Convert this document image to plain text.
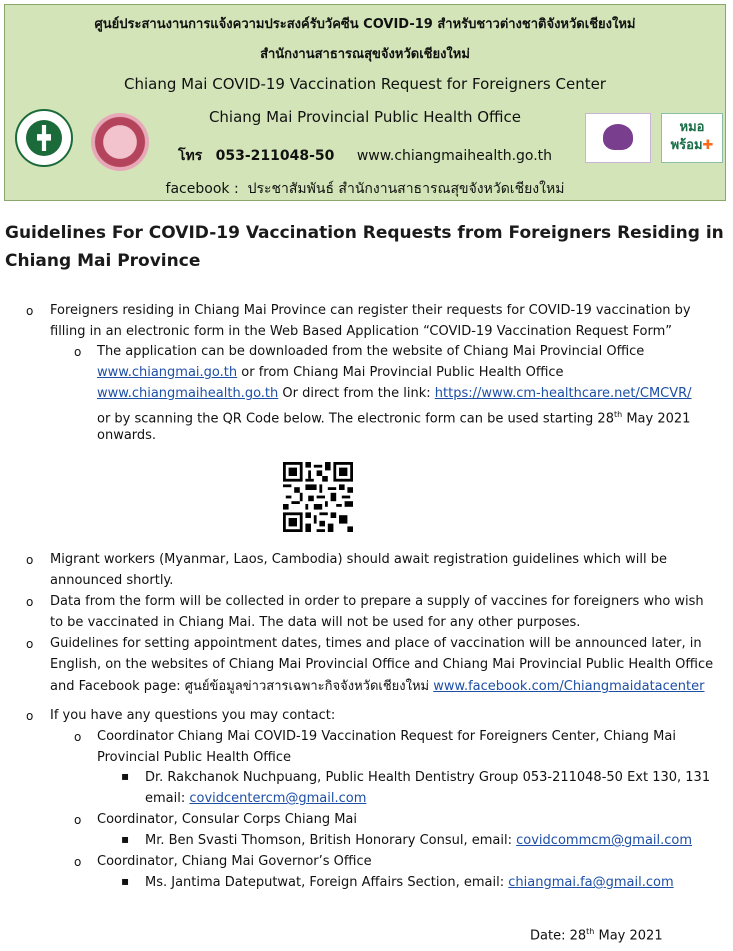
ศูนย์ประสานงานการแจ้งความประสงค์รับวัคซีน COVID-19 สำหรับชาวต่างชาติจังหวัดเชียงใหม่
สำนักงานสาธารณสุขจังหวัดเชียงใหม่
Chiang Mai COVID-19 Vaccination Request for Foreigners Center
Chiang Mai Provincial Public Health Office
โทร 053-211048-50 www.chiangmaihealth.go.th
facebook : ประชาสัมพันธ์ สำนักงานสาธารณสุขจังหวัดเชียงใหม่
หมอ
พร้อม✚
Guidelines For COVID-19 Vaccination Requests from Foreigners Residing in Chiang Mai Province
o Foreigners residing in Chiang Mai Province can register their requests for COVID-19 vaccination by
filling in an electronic form in the Web Based Application “COVID-19 Vaccination Request Form”
o The application can be downloaded from the website of Chiang Mai Provincial Office
www.chiangmai.go.th or from Chiang Mai Provincial Public Health Office
www.chiangmaihealth.go.th Or direct from the link: https://www.cm-healthcare.net/CMCVR/
or by scanning the QR Code below. The electronic form can be used starting 28th May 2021
onwards.
o Migrant workers (Myanmar, Laos, Cambodia) should await registration guidelines which will be
announced shortly.
o Data from the form will be collected in order to prepare a supply of vaccines for foreigners who wish
to be vaccinated in Chiang Mai. The data will not be used for any other purposes.
o Guidelines for setting appointment dates, times and place of vaccination will be announced later, in
English, on the websites of Chiang Mai Provincial Office and Chiang Mai Provincial Public Health Office
and Facebook page: ศูนย์ข้อมูลข่าวสารเฉพาะกิจจังหวัดเชียงใหม่ www.facebook.com/Chiangmaidatacenter
o If you have any questions you may contact:
o Coordinator Chiang Mai COVID-19 Vaccination Request for Foreigners Center, Chiang Mai
Provincial Public Health Office
▪ Dr. Rakchanok Nuchpuang, Public Health Dentistry Group 053-211048-50 Ext 130, 131
email: covidcentercm@gmail.com
o Coordinator, Consular Corps Chiang Mai
▪ Mr. Ben Svasti Thomson, British Honorary Consul, email: covidcommcm@gmail.com
o Coordinator, Chiang Mai Governor’s Office
▪ Ms. Jantima Dateputwat, Foreign Affairs Section, email: chiangmai.fa@gmail.com
Date: 28th May 2021
